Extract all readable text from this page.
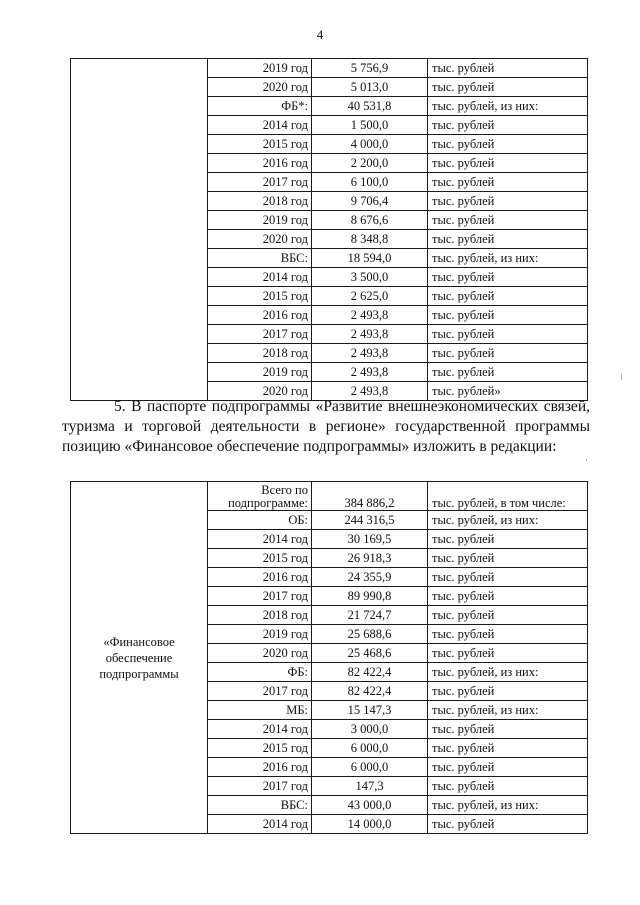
4
	2019 год	5 756,9	тыс. рублей
	2020 год	5 013,0	тыс. рублей
	ФБ*:	40 531,8	тыс. рублей, из них:
	2014 год	1 500,0	тыс. рублей
	2015 год	4 000,0	тыс. рублей
	2016 год	2 200,0	тыс. рублей
	2017 год	6 100,0	тыс. рублей
	2018 год	9 706,4	тыс. рублей
	2019 год	8 676,6	тыс. рублей
	2020 год	8 348,8	тыс. рублей
	ВБС:	18 594,0	тыс. рублей, из них:
	2014 год	3 500,0	тыс. рублей
	2015 год	2 625,0	тыс. рублей
	2016 год	2 493,8	тыс. рублей
	2017 год	2 493,8	тыс. рублей
	2018 год	2 493,8	тыс. рублей
	2019 год	2 493,8	тыс. рублей
	2020 год	2 493,8	тыс. рублей»
5. В паспорте подпрограммы «Развитие внешнеэкономических связей, туризма и торговой деятельности в регионе» государственной программы позицию «Финансовое обеспечение подпрограммы» изложить в редакции:
«Финансовое обеспечение подпрограммы	Всего по подпрограмме:	384 886,2	тыс. рублей, в том числе:
	ОБ:	244 316,5	тыс. рублей, из них:
	2014 год	30 169,5	тыс. рублей
	2015 год	26 918,3	тыс. рублей
	2016 год	24 355,9	тыс. рублей
	2017 год	89 990,8	тыс. рублей
	2018 год	21 724,7	тыс. рублей
	2019 год	25 688,6	тыс. рублей
	2020 год	25 468,6	тыс. рублей
	ФБ:	82 422,4	тыс. рублей, из них:
	2017 год	82 422,4	тыс. рублей
	МБ:	15 147,3	тыс. рублей, из них:
	2014 год	3 000,0	тыс. рублей
	2015 год	6 000,0	тыс. рублей
	2016 год	6 000,0	тыс. рублей
	2017 год	147,3	тыс. рублей
	ВБС:	43 000,0	тыс. рублей, из них:
	2014 год	14 000,0	тыс. рублей
⁝
·
